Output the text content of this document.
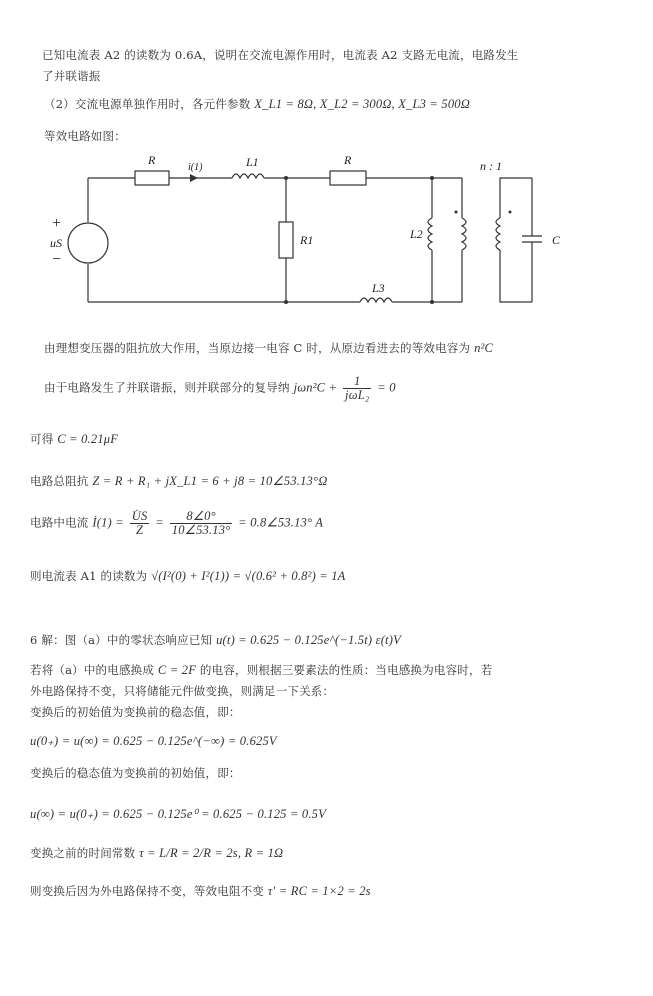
已知电流表 A2 的读数为 0.6A，说明在交流电源作用时，电流表 A2 支路无电流，电路发生
了并联谐振
（2）交流电源单独作用时，各元件参数 X_L1 = 8Ω, X_L2 = 300Ω, X_L3 = 500Ω
等效电路如图：
R
i(1)	L1	R	n : 1
+
uS
−
R1	L2	C
L3
由理想变压器的阻抗放大作用，当原边接一电容 C 时，从原边看进去的等效电容为 n²C
由于电路发生了并联谐振，则并联部分的复导纳 $j\omega n^2C + \frac{1}{\text{jωL₂}} = 0$
可得 C = 0.21μF
电路总阻抗 Z = R + R₁ + jX_L1 = 6 + j8 = 10∠53.13°Ω
电路中电流 İ(1) = $\frac{U̇S}{Z} = \frac{8\angle 0^\circ}{10\angle 53.13^\circ}$ = 0.8∠53.13° A
则电流表 A1 的读数为 √(I²(0) + I²(1)) = √(0.6² + 0.8²) = 1A
6 解：图（a）中的零状态响应已知 u(t) = 0.625 − 0.125e^(−1.5t) ε(t)V
若将（a）中的电感换成 C = 2F 的电容，则根据三要素法的性质：当电感换为电容时，若
外电路保持不变，只将储能元件做变换，则满足一下关系：
变换后的初始值为变换前的稳态值，即：
u(0₊) = u(∞) = 0.625 − 0.125e^(−∞) = 0.625V
变换后的稳态值为变换前的初始值，即：
u(∞) = u(0₊) = 0.625 − 0.125e⁰ = 0.625 − 0.125 = 0.5V
变换之前的时间常数 τ = L/R = 2/R = 2s, R = 1Ω
则变换后因为外电路保持不变，等效电阻不变 τ′ = RC = 1×2 = 2s
